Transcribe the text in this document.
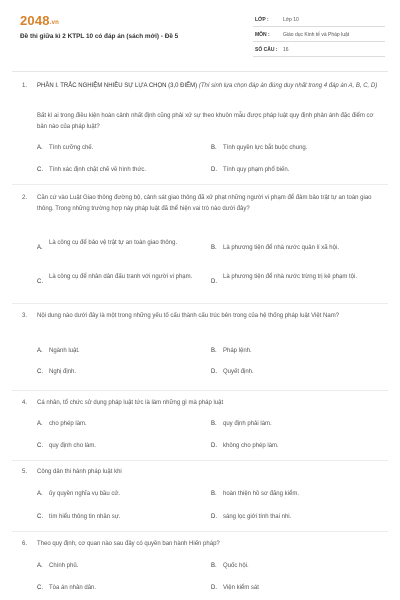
2048.vn
Đề thi giữa kì 2 KTPL 10 có đáp án (sách mới) - Đề 5
LỚP :	Lớp 10
MÔN :	Giáo dục Kinh tế và Pháp luật
SỐ CÂU : 16
1. PHẦN I. TRẮC NGHIỆM NHIỀU SỰ LỰA CHỌN (3,0 ĐIỂM) (Thí sinh lựa chọn đáp án đúng duy nhất trong 4 đáp án A, B, C, D)
Bất kì ai trong điều kiện hoàn cảnh nhất định cũng phải xử sự theo khuôn mẫu được pháp luật quy định phản ánh đặc điểm cơ bản nào của pháp luật?
A. Tính cưỡng chế.	B. Tính quyền lực bắt buộc chung.
C. Tính xác định chặt chẽ về hình thức.	D. Tính quy phạm phổ biến.
2. Căn cứ vào Luật Giao thông đường bộ, cảnh sát giao thông đã xử phạt những người vi phạm để đảm bảo trật tự an toàn giao thông. Trong những trường hợp này pháp luật đã thể hiện vai trò nào dưới đây?
A.
Là công cụ để bảo vệ trật tự an toàn giao thông.
B. Là phương tiện để nhà nước quản lí xã hội.
C.
Là công cụ để nhân dân đấu tranh với người vi phạm.
D.
Là phương tiện để nhà nước trừng trị kẻ phạm tội.
3. Nội dung nào dưới đây là một trong những yếu tố cấu thành cấu trúc bên trong của hệ thống pháp luật Việt Nam?
A. Ngành luật.	B. Pháp lệnh.
C. Nghị định.	D. Quyết định.
4. Cá nhân, tổ chức sử dụng pháp luật tức là làm những gì mà pháp luật
A. cho phép làm.	B. quy định phải làm.
C. quy định cho làm.	D. không cho phép làm.
5. Công dân thi hành pháp luật khi
A. ủy quyền nghĩa vụ bầu cử.	B. hoàn thiện hồ sơ đăng kiểm.
C. tìm hiểu thông tin nhân sự.	D. sáng lọc giới tính thai nhi.
6. Theo quy định, cơ quan nào sau đây có quyền ban hành Hiến pháp?
A. Chính phủ.	B. Quốc hội.
C. Tòa án nhân dân.	D. Viện kiểm sát
